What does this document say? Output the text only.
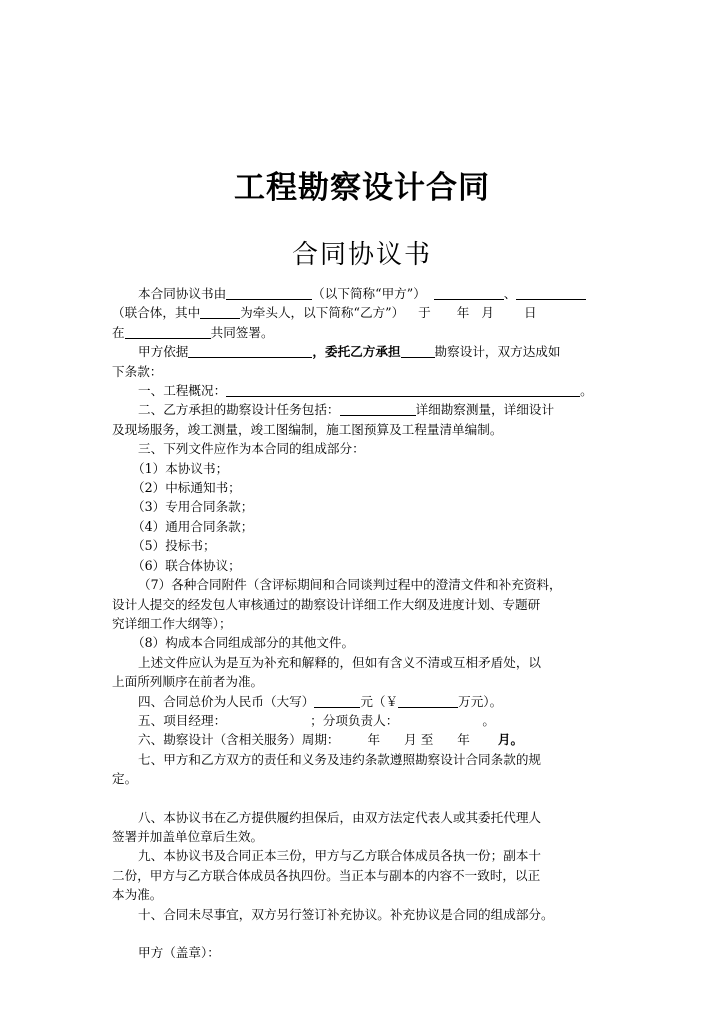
工程勘察设计合同
合同协议书
本合同协议书由	（以下简称“甲方”）	、
（联合体，其中	为牵头人，以下简称“乙方”） 于 年 月 日
在	共同签署。
甲方依据	，委托乙方承担	勘察设计，双方达成如
下条款：
一、工程概况：	。
二、乙方承担的勘察设计任务包括：	详细勘察测量，详细设计
及现场服务，竣工测量，竣工图编制，施工图预算及工程量清单编制。
三、下列文件应作为本合同的组成部分：
（1）本协议书；
（2）中标通知书；
（3）专用合同条款；
（4）通用合同条款；
（5）投标书；
（6）联合体协议；
（7）各种合同附件（含评标期间和合同谈判过程中的澄清文件和补充资料，
设计人提交的经发包人审核通过的勘察设计详细工作大纲及进度计划、专题研
究详细工作大纲等）；
（8）构成本合同组成部分的其他文件。
上述文件应认为是互为补充和解释的，但如有含义不清或互相矛盾处，以
上面所列顺序在前者为准。
四、合同总价为人民币（大写）	元（￥	万元）。
五、项目经理：	；分项负责人：	。
六、勘察设计（含相关服务）周期： 年 月 至 年 月。
七、甲方和乙方双方的责任和义务及违约条款遵照勘察设计合同条款的规
定。
八、本协议书在乙方提供履约担保后，由双方法定代表人或其委托代理人
签署并加盖单位章后生效。
九、本协议书及合同正本三份，甲方与乙方联合体成员各执一份；副本十
二份，甲方与乙方联合体成员各执四份。当正本与副本的内容不一致时，以正
本为准。
十、合同未尽事宜，双方另行签订补充协议。补充协议是合同的组成部分。
甲方（盖章）：
